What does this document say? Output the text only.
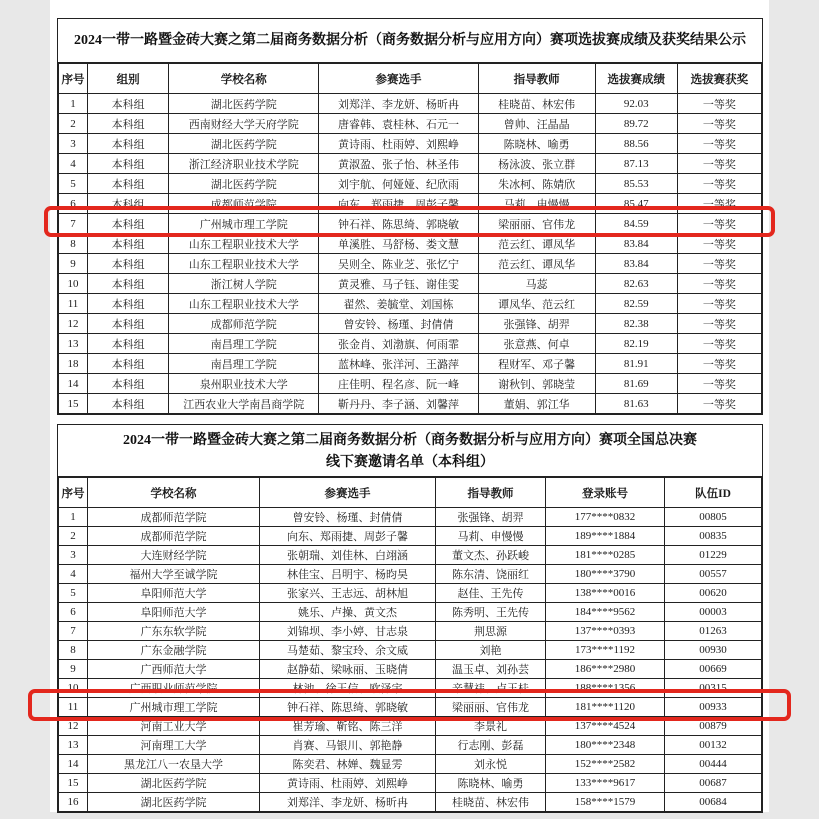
2024一带一路暨金砖大赛之第二届商务数据分析（商务数据分析与应用方向）赛项选拔赛成绩及获奖结果公示
序号	组别	学校名称	参赛选手	指导教师	选拔赛成绩	选拔赛获奖
1	本科组	湖北医药学院	刘郑洋、李龙妍、杨昕冉	桂晓苗、林宏伟	92.03	一等奖
2	本科组	西南财经大学天府学院	唐睿韩、袁桂林、石元一	曾帅、汪晶晶	89.72	一等奖
3	本科组	湖北医药学院	黄诗雨、杜雨婷、刘熙峥	陈晓林、喻勇	88.56	一等奖
4	本科组	浙江经济职业技术学院	黄淑盈、张子怡、林圣伟	杨泳波、张立群	87.13	一等奖
5	本科组	湖北医药学院	刘宇航、何娅娅、纪欣雨	朱冰柯、陈婧欣	85.53	一等奖
6	本科组	成都师范学院	向东、郑雨捷、周彭子馨	马莉、申慢慢	85.47	一等奖
7	本科组	广州城市理工学院	钟石祥、陈思绮、郭晓敏	梁丽丽、官伟龙	84.59	一等奖
8	本科组	山东工程职业技术大学	单溪胜、马舒杨、娄文慧	范云红、谭凤华	83.84	一等奖
9	本科组	山东工程职业技术大学	吴则全、陈业芝、张忆宁	范云红、谭凤华	83.84	一等奖
10	本科组	浙江树人学院	黄灵雅、马子钰、谢佳雯	马蕊	82.63	一等奖
11	本科组	山东工程职业技术大学	翟然、姜毓堂、刘国栋	谭凤华、范云红	82.59	一等奖
12	本科组	成都师范学院	曾安铃、杨瑾、封倩倩	张强锋、胡羿	82.38	一等奖
13	本科组	南昌理工学院	张金肖、刘渤旗、何雨霏	张意燕、何卓	82.19	一等奖
18	本科组	南昌理工学院	蓝林峰、张洋河、王潞萍	程财军、邓子馨	81.91	一等奖
14	本科组	泉州职业技术大学	庄佳明、程名彦、阮一峰	谢秋钊、郭晓莹	81.69	一等奖
15	本科组	江西农业大学南昌商学院	靳丹丹、李子涵、刘馨萍	董娟、郭江华	81.63	一等奖
2024一带一路暨金砖大赛之第二届商务数据分析（商务数据分析与应用方向）赛项全国总决赛
线下赛邀请名单（本科组）
序号	学校名称	参赛选手	指导教师	登录账号	队伍ID
1	成都师范学院	曾安铃、杨瑾、封倩倩	张强锋、胡羿	177****0832	00805
2	成都师范学院	向东、郑雨捷、周彭子馨	马莉、申慢慢	189****1884	00835
3	大连财经学院	张朝瑞、刘佳林、白翊涵	董文杰、孙跃峻	181****0285	01229
4	福州大学至诚学院	林佳宝、吕明宇、杨昀昊	陈东清、饶丽红	180****3790	00557
5	阜阳师范大学	张家兴、王志远、胡林旭	赵佳、王先传	138****0016	00620
6	阜阳师范大学	姚乐、卢操、黄文杰	陈秀明、王先传	184****9562	00003
7	广东东软学院	刘锦坝、李小婷、甘志泉	荆思源	137****0393	01263
8	广东金融学院	马楚茹、黎宝玲、余文威	刘艳	173****1192	00930
9	广西师范大学	赵静茹、梁咏丽、玉晓倩	温玉卓、刘孙芸	186****2980	00669
10	广西职业师范学院	林池、徐玉信、欧泽宇	辛慧祎、卢玉桂	188****1356	00315
11	广州城市理工学院	钟石祥、陈思绮、郭晓敏	梁丽丽、官伟龙	181****1120	00933
12	河南工业大学	崔芳瑜、靳铭、陈三洋	李景礼	137****4524	00879
13	河南理工大学	肖赛、马银川、郭艳静	行志刚、彭磊	180****2348	00132
14	黑龙江八一农垦大学	陈奕君、林婵、魏显雱	刘永悦	152****2582	00444
15	湖北医药学院	黄诗雨、杜雨婷、刘熙峥	陈晓林、喻勇	133****9617	00687
16	湖北医药学院	刘郑洋、李龙妍、杨昕冉	桂晓苗、林宏伟	158****1579	00684
